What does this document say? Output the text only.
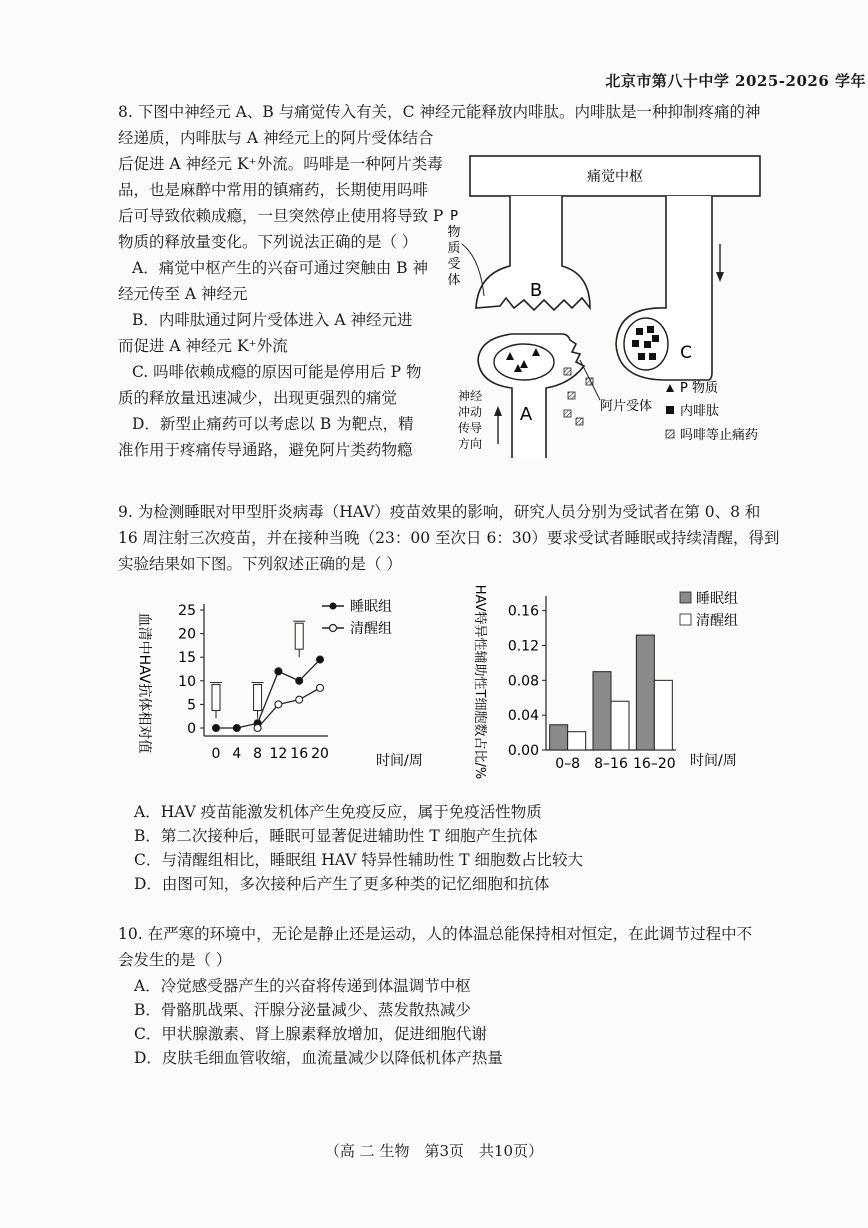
北京市第八十中学 2025-2026 学年
8. 下图中神经元 A、B 与痛觉传入有关，C 神经元能释放内啡肽。内啡肽是一种抑制疼痛的神
经递质，内啡肽与 A 神经元上的阿片受体结合
后促进 A 神经元 K⁺外流。吗啡是一种阿片类毒
品，也是麻醉中常用的镇痛药，长期使用吗啡
后可导致依赖成瘾，一旦突然停止使用将导致 P
物质的释放量变化。下列说法正确的是（ ）
A．痛觉中枢产生的兴奋可通过突触由 B 神
经元传至 A 神经元
B．内啡肽通过阿片受体进入 A 神经元进
而促进 A 神经元 K⁺外流
C. 吗啡依赖成瘾的原因可能是停用后 P 物
质的释放量迅速减少，出现更强烈的痛觉
D．新型止痛药可以考虑以 B 为靶点，精
准作用于疼痛传导通路，避免阿片类药物瘾
痛觉中枢
B
P
物
质
受
体
C
A
神经
冲动
传导
方向
阿片受体
P 物质
内啡肽
吗啡等止痛药
9. 为检测睡眠对甲型肝炎病毒（HAV）疫苗效果的影响，研究人员分别为受试者在第 0、8 和
16 周注射三次疫苗，并在接种当晚（23：00 至次日 6：30）要求受试者睡眠或持续清醒，得到
实验结果如下图。下列叙述正确的是（ ）
血清中HAV抗体相对值	0
5
10
15
20
25
0 4 8 12 16 20	时间/周
睡眠组
清醒组	HAV特异性辅助性T细胞数占比/% 0.00
0.04
0.08
0.12
0.16
0–8 8–16 16–20 时间/周
睡眠组
清醒组
A．HAV 疫苗能激发机体产生免疫反应，属于免疫活性物质
B．第二次接种后，睡眠可显著促进辅助性 T 细胞产生抗体
C．与清醒组相比，睡眠组 HAV 特异性辅助性 T 细胞数占比较大
D．由图可知，多次接种后产生了更多种类的记忆细胞和抗体
10. 在严寒的环境中，无论是静止还是运动，人的体温总能保持相对恒定，在此调节过程中不
会发生的是（ ）
A．冷觉感受器产生的兴奋将传递到体温调节中枢
B．骨骼肌战栗、汗腺分泌量减少、蒸发散热减少
C．甲状腺激素、肾上腺素释放增加，促进细胞代谢
D．皮肤毛细血管收缩，血流量减少以降低机体产热量
（高 二 生物　第3页　共10页）
